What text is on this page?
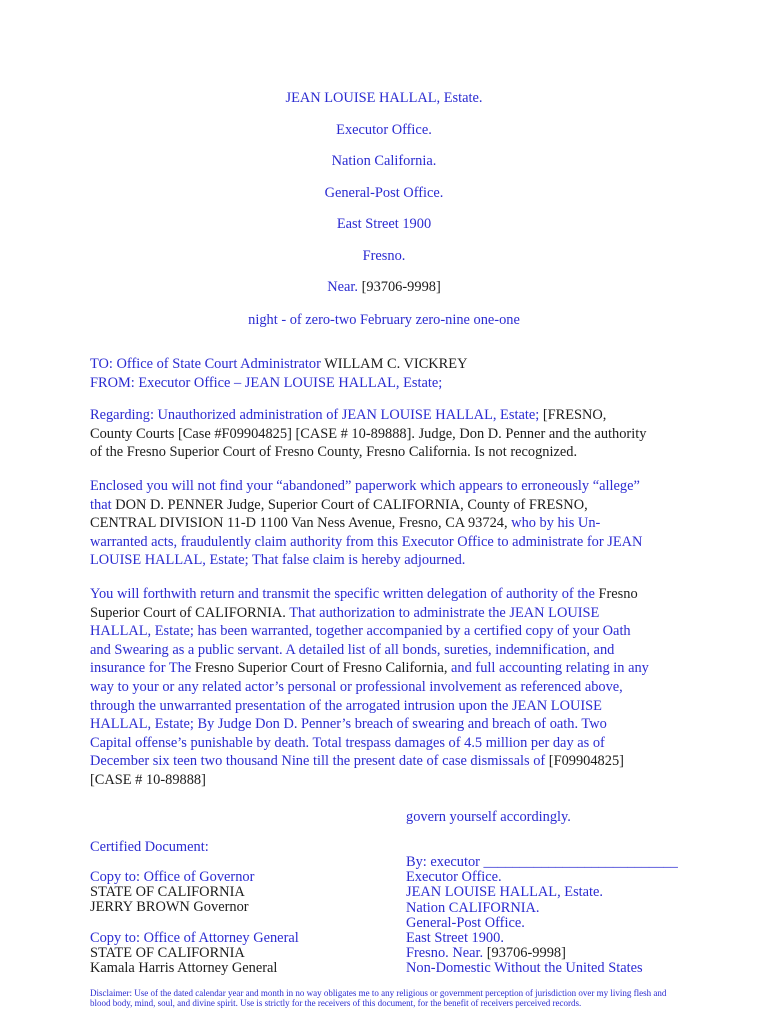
JEAN LOUISE HALLAL, Estate.
Executor Office.
Nation California.
General-Post Office.
East Street 1900
Fresno.
Near. [93706-9998]
night - of zero-two February zero-nine one-one
TO: Office of State Court Administrator WILLAM C. VICKREY
FROM: Executor Office – JEAN LOUISE HALLAL, Estate;
Regarding: Unauthorized administration of JEAN LOUISE HALLAL, Estate; [FRESNO,
County Courts [Case #F09904825] [CASE # 10-89888]. Judge, Don D. Penner and the authority
of the Fresno Superior Court of Fresno County, Fresno California. Is not recognized.
Enclosed you will not find your “abandoned” paperwork which appears to erroneously “allege”
that DON D. PENNER Judge, Superior Court of CALIFORNIA, County of FRESNO,
CENTRAL DIVISION 11-D 1100 Van Ness Avenue, Fresno, CA 93724, who by his Un-
warranted acts, fraudulently claim authority from this Executor Office to administrate for JEAN
LOUISE HALLAL, Estate; That false claim is hereby adjourned.
You will forthwith return and transmit the specific written delegation of authority of the Fresno
Superior Court of CALIFORNIA. That authorization to administrate the JEAN LOUISE
HALLAL, Estate; has been warranted, together accompanied by a certified copy of your Oath
and Swearing as a public servant. A detailed list of all bonds, sureties, indemnification, and
insurance for The Fresno Superior Court of Fresno California, and full accounting relating in any
way to your or any related actor’s personal or professional involvement as referenced above,
through the unwarranted presentation of the arrogated intrusion upon the JEAN LOUISE
HALLAL, Estate; By Judge Don D. Penner’s breach of swearing and breach of oath. Two
Capital offense’s punishable by death. Total trespass damages of 4.5 million per day as of
December six teen two thousand Nine till the present date of case dismissals of [F09904825]
[CASE # 10-89888]
govern yourself accordingly.
Certified Document:
Copy to: Office of Governor
STATE OF CALIFORNIA
JERRY BROWN Governor
Copy to: Office of Attorney General
STATE OF CALIFORNIA
Kamala Harris Attorney General
By: executor ___________________________
Executor Office.
JEAN LOUISE HALLAL, Estate.
Nation CALIFORNIA.
General-Post Office.
East Street 1900.
Fresno. Near. [93706-9998]
Non-Domestic Without the United States
Disclaimer: Use of the dated calendar year and month in no way obligates me to any religious or government perception of jurisdiction over my living flesh and blood body, mind, soul, and divine spirit. Use is strictly for the receivers of this document, for the benefit of receivers perceived records.
